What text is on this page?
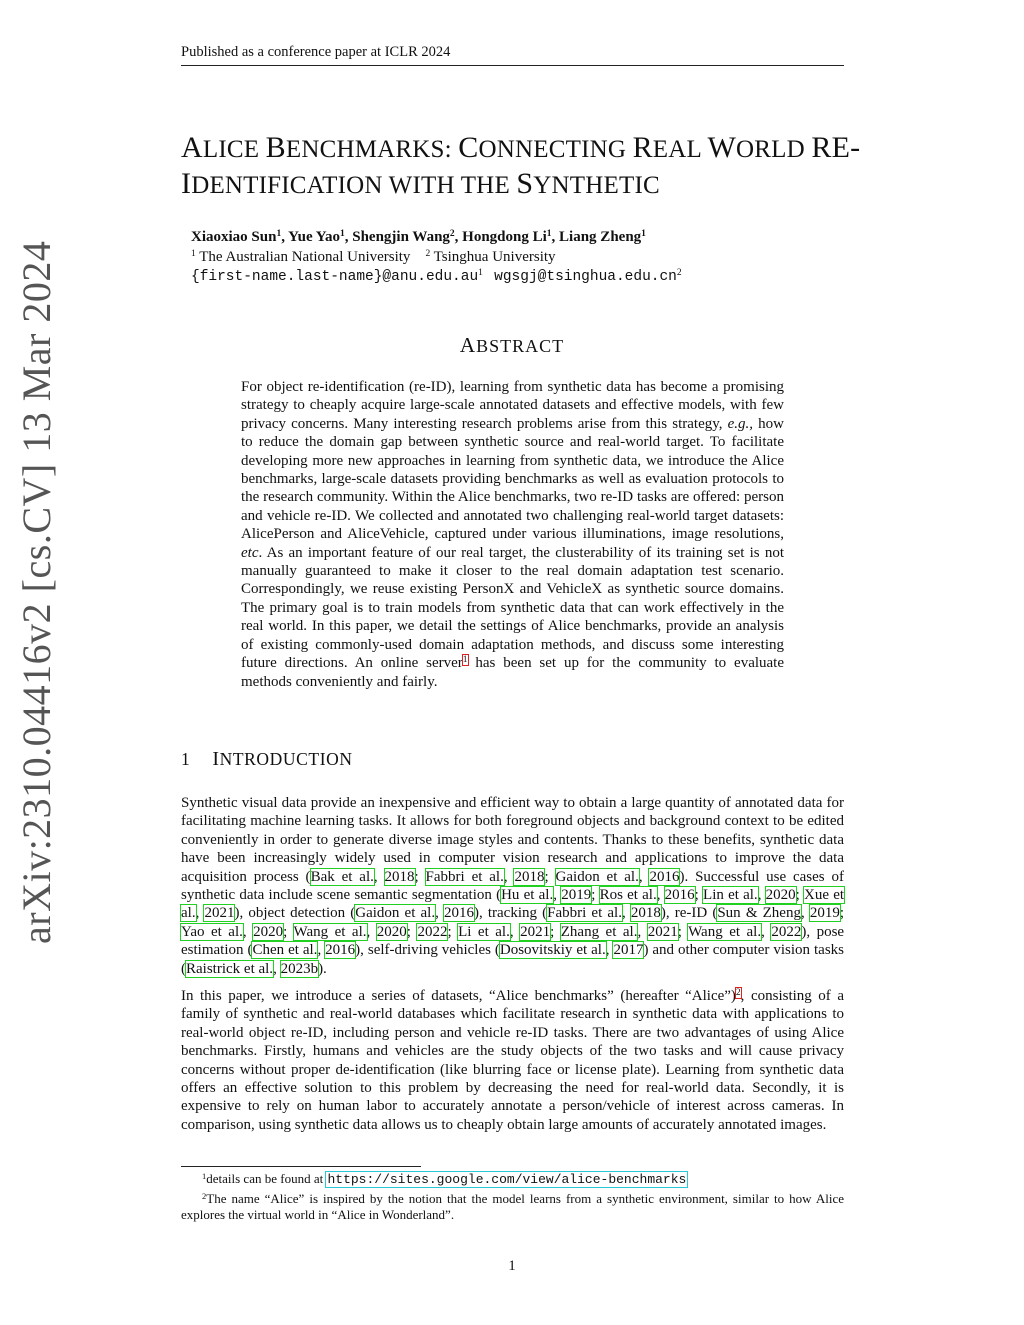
Published as a conference paper at ICLR 2024
arXiv:2310.04416v2 [cs.CV] 13 Mar 2024
ALICE BENCHMARKS: CONNECTING REAL WORLD RE-
IDENTIFICATION WITH THE SYNTHETIC
Xiaoxiao Sun$^1$, Yue Yao$^1$, Shengjin Wang$^2$, Hongdong Li$^1$, Liang Zheng$^1$
$^1$ The Australian National University $^2$ Tsinghua University
$\{first-name.last-name\}@anu.edu.au^1$ $wgsgj@tsinghua.edu.cn^2$
ABSTRACT

For object re-identification (re-ID), learning from synthetic data has become a promising strategy to cheaply acquire large-scale annotated datasets and effective models, with few privacy concerns. Many interesting research problems arise from this strategy, e.g., how to reduce the domain gap between synthetic source and real-world target. To facilitate developing more new approaches in learning from synthetic data, we introduce the Alice benchmarks, large-scale datasets providing benchmarks as well as evaluation protocols to the research community. Within the Alice benchmarks, two re-ID tasks are offered: person and vehicle re-ID. We collected and annotated two challenging real-world target datasets: AlicePerson and AliceVehicle, captured under various illuminations, image resolutions, etc. As an important feature of our real target, the clusterability of its training set is not manually guaranteed to make it closer to the real domain adaptation test scenario. Correspondingly, we reuse existing PersonX and VehicleX as synthetic source domains. The primary goal is to train models from synthetic data that can work effectively in the real world. In this paper, we detail the settings of Alice benchmarks, provide an analysis of existing commonly-used domain adaptation methods, and discuss some interesting future directions. An online server$^1$ has been set up for the community to evaluate methods conveniently and fairly.

1 INTRODUCTION

Synthetic visual data provide an inexpensive and efficient way to obtain a large quantity of annotated data for facilitating machine learning tasks. It allows for both foreground objects and background context to be edited conveniently in order to generate diverse image styles and contents. Thanks to these benefits, synthetic data have been increasingly widely used in computer vision research and applications to improve the data acquisition process (Bak et al., 2018; Fabbri et al., 2018; Gaidon et al., 2016). Successful use cases of synthetic data include scene semantic segmentation (Hu et al., 2019; Ros et al., 2016; Lin et al., 2020; Xue et al., 2021), object detection (Gaidon et al., 2016), tracking (Fabbri et al., 2018), re-ID (Sun & Zheng, 2019; Yao et al., 2020; Wang et al., 2020; 2022; Li et al., 2021; Zhang et al., 2021; Wang et al., 2022), pose estimation (Chen et al., 2016), self-driving vehicles (Dosovitskiy et al., 2017) and other computer vision tasks (Raistrick et al., 2023b).

In this paper, we introduce a series of datasets, “Alice benchmarks” (hereafter “Alice”)$^2$, consisting of a family of synthetic and real-world databases which facilitate research in synthetic data with applications to real-world object re-ID, including person and vehicle re-ID tasks. There are two advantages of using Alice benchmarks. Firstly, humans and vehicles are the study objects of the two tasks and will cause privacy concerns without proper de-identification (like blurring face or license plate). Learning from synthetic data offers an effective solution to this problem by decreasing the need for real-world data. Secondly, it is expensive to rely on human labor to accurately annotate a person/vehicle of interest across cameras. In comparison, using synthetic data allows us to cheaply obtain large amounts of accurately annotated images.

$^1$details can be found at https://sites.google.com/view/alice-benchmarks

$^2$The name “Alice” is inspired by the notion that the model learns from a synthetic environment, similar to how Alice explores the virtual world in “Alice in Wonderland”.

1
